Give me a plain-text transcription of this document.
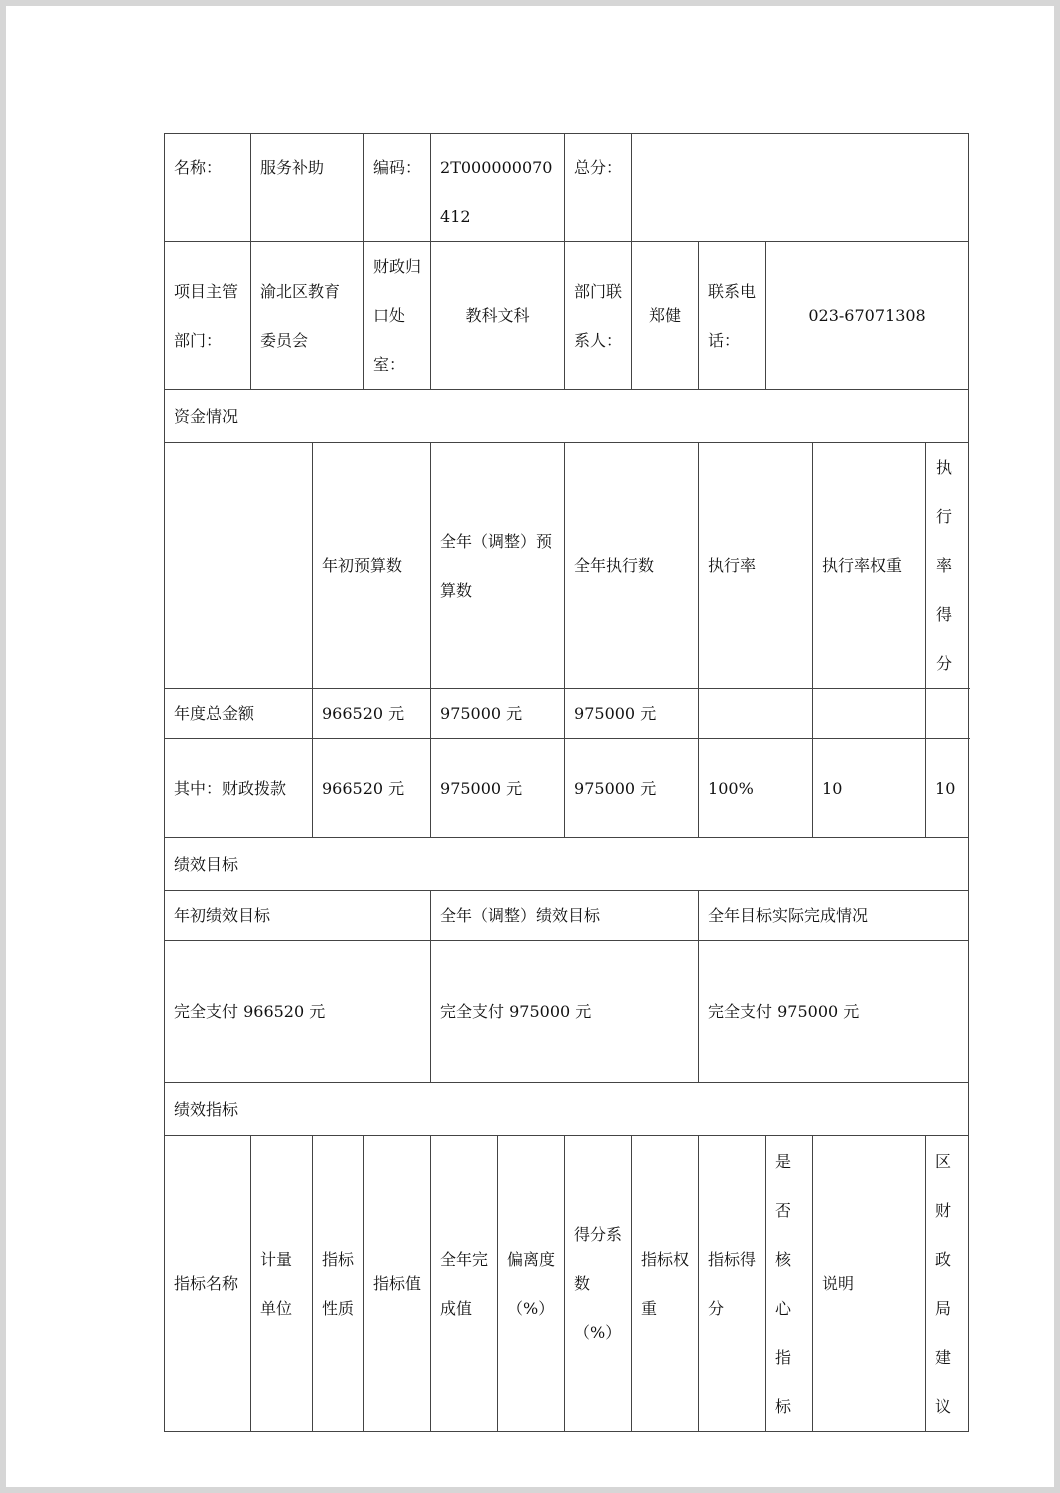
名称：	服务补助		编码：	2T000000070412		总分：					
项目主管部门：	渝北区教育委员会		财政归口处室：	教科文科		部门联系人：	郑健	联系电话：	023-67071308		
资金情况											
		年初预算数		全年（调整）预算数		全年执行数		执行率		执行率权重	执行率得分
年度总金额		966520 元		975000 元		975000 元					
其中：财政拨款		966520 元		975000 元		975000 元		100%		10	10
绩效目标											
年初绩效目标				全年（调整）绩效目标				全年目标实际完成情况			
完全支付 966520 元				完全支付 975000 元				完全支付 975000 元			
绩效指标											
指标名称	计量单位	指标性质	指标值	全年完成值	偏离度（%）	得分系数（%）	指标权重	指标得分	是否核心指标	说明	区财政局建议
